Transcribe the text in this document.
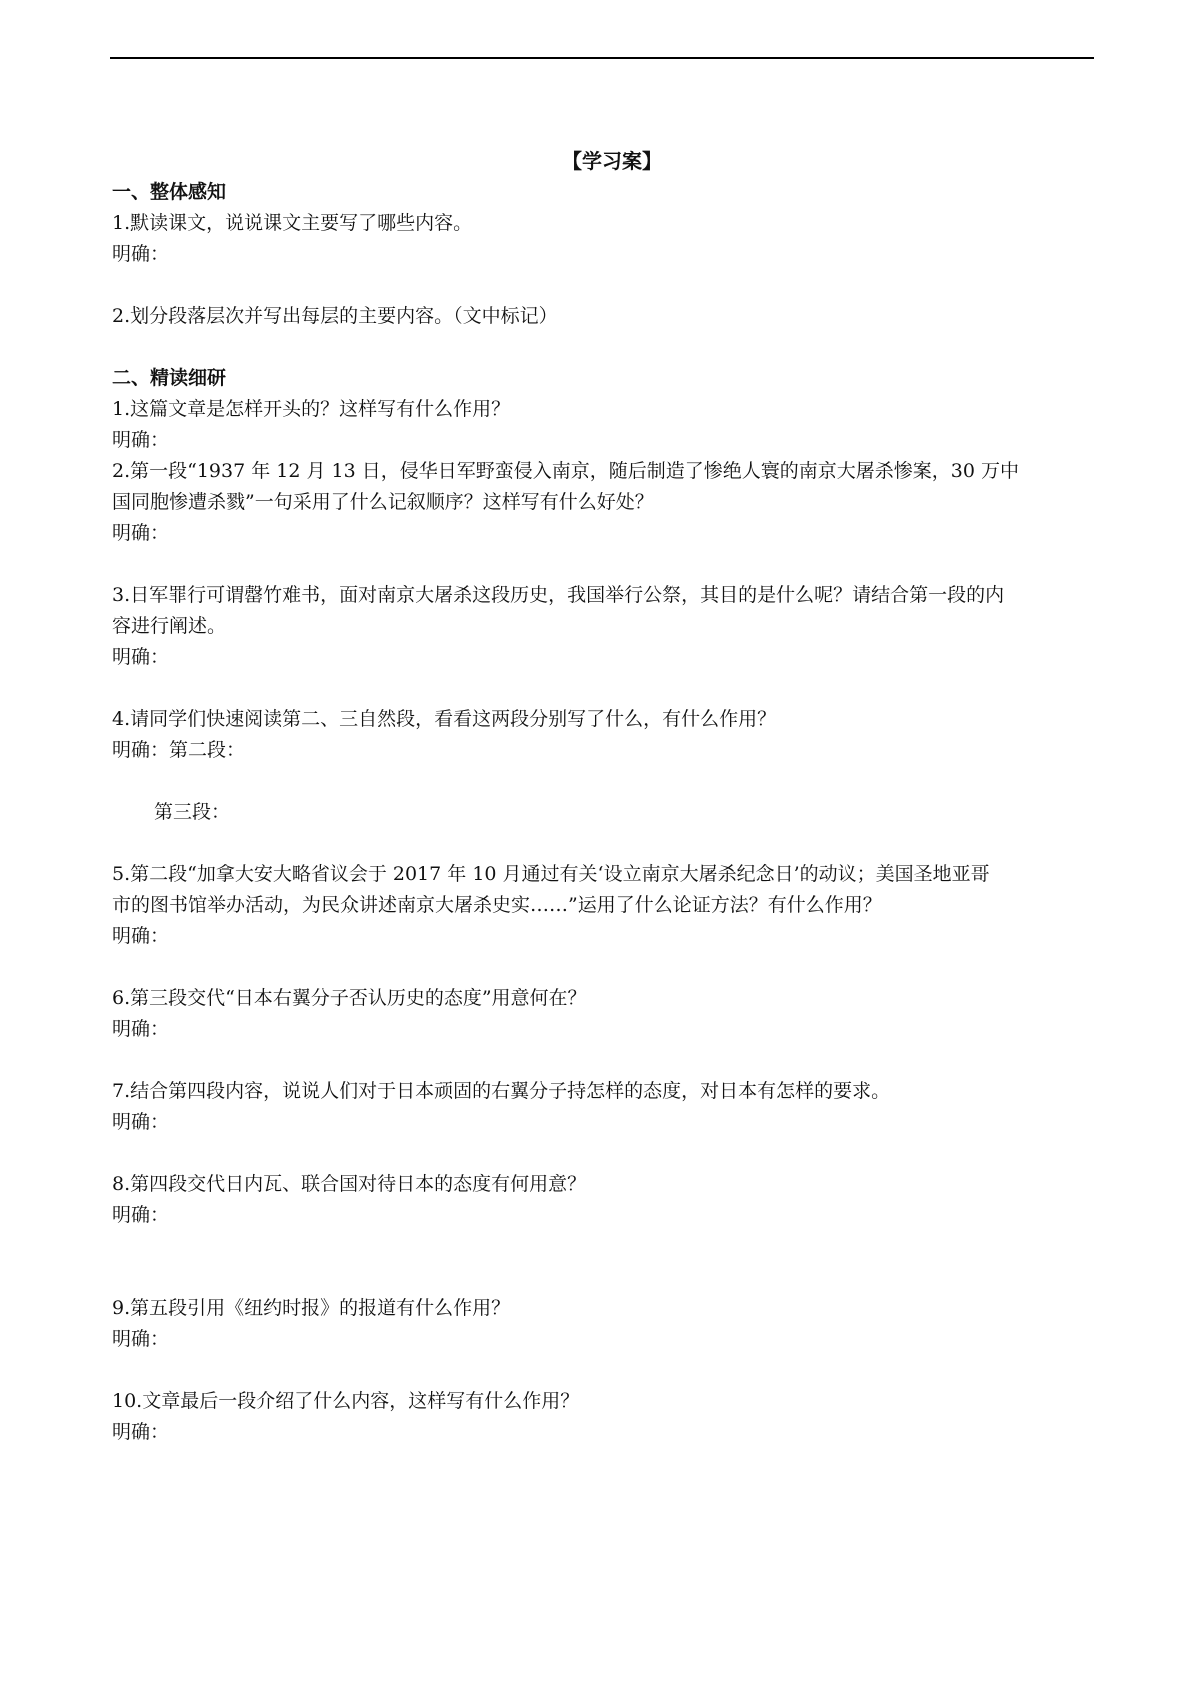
【学习案】

一、整体感知

1.默读课文，说说课文主要写了哪些内容。

明确：

2.划分段落层次并写出每层的主要内容。（文中标记）

二、精读细研

1.这篇文章是怎样开头的？这样写有什么作用？

明确：

2.第一段“1937 年 12 月 13 日，侵华日军野蛮侵入南京，随后制造了惨绝人寰的南京大屠杀惨案，30 万中

国同胞惨遭杀戮”一句采用了什么记叙顺序？这样写有什么好处？

明确：

3.日军罪行可谓罄竹难书，面对南京大屠杀这段历史，我国举行公祭，其目的是什么呢？请结合第一段的内

容进行阐述。

明确：

4.请同学们快速阅读第二、三自然段，看看这两段分别写了什么，有什么作用？

明确：第二段：

第三段：

5.第二段“加拿大安大略省议会于 2017 年 10 月通过有关‘设立南京大屠杀纪念日’的动议；美国圣地亚哥

市的图书馆举办活动，为民众讲述南京大屠杀史实……”运用了什么论证方法？有什么作用？

明确：

6.第三段交代“日本右翼分子否认历史的态度”用意何在？

明确：

7.结合第四段内容，说说人们对于日本顽固的右翼分子持怎样的态度，对日本有怎样的要求。

明确：

8.第四段交代日内瓦、联合国对待日本的态度有何用意？

明确：

9.第五段引用《纽约时报》的报道有什么作用？

明确：

10.文章最后一段介绍了什么内容，这样写有什么作用？

明确：
